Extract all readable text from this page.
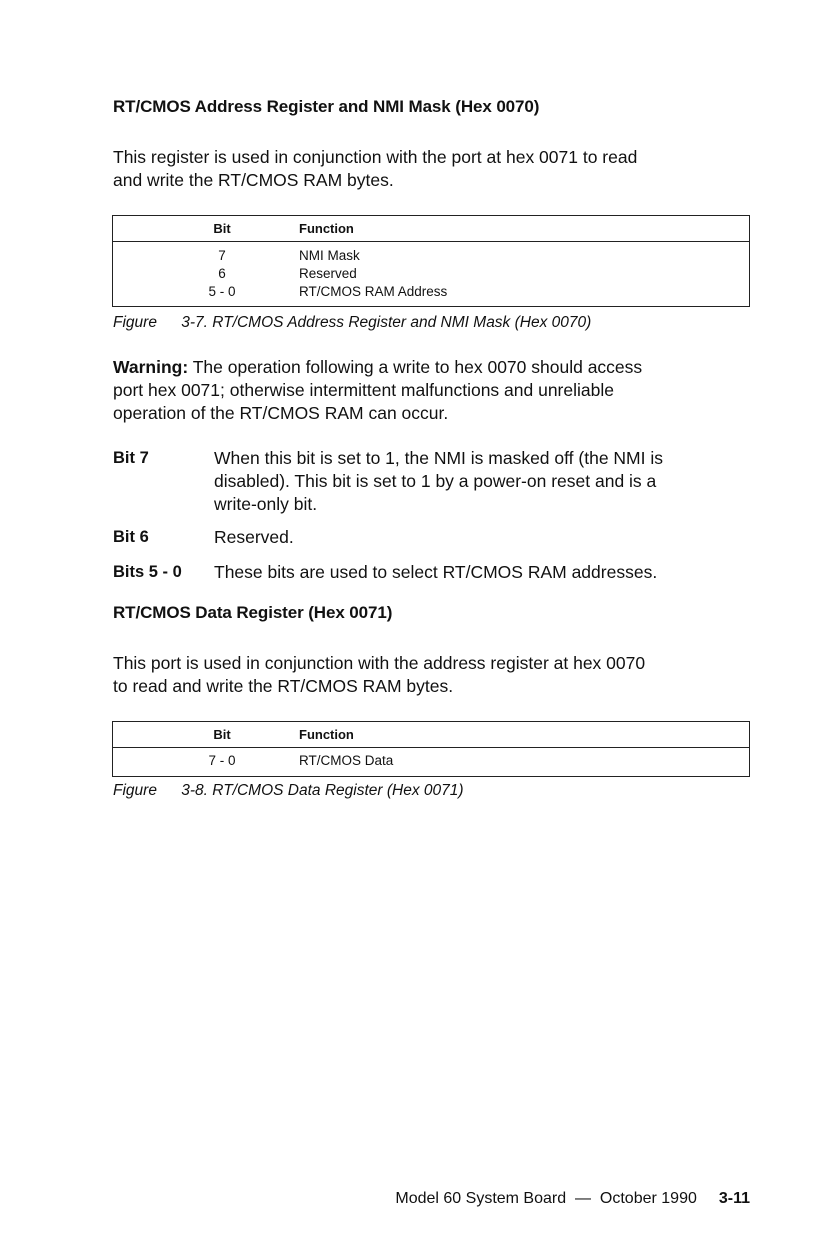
RT/CMOS Address Register and NMI Mask (Hex 0070)
This register is used in conjunction with the port at hex 0071 to read
and write the RT/CMOS RAM bytes.
Bit	Function
7	NMI Mask
6	Reserved
5 - 0	RT/CMOS RAM Address
Figure 3-7. RT/CMOS Address Register and NMI Mask (Hex 0070)
Warning: The operation following a write to hex 0070 should access
port hex 0071; otherwise intermittent malfunctions and unreliable
operation of the RT/CMOS RAM can occur.
Bit 7	When this bit is set to 1, the NMI is masked off (the NMI is
disabled). This bit is set to 1 by a power-on reset and is a
write-only bit.
Bit 6	Reserved.
Bits 5 - 0 These bits are used to select RT/CMOS RAM addresses.
RT/CMOS Data Register (Hex 0071)
This port is used in conjunction with the address register at hex 0070
to read and write the RT/CMOS RAM bytes.
Bit	Function
7 - 0	RT/CMOS Data
Figure 3-8. RT/CMOS Data Register (Hex 0071)
Model 60 System Board  —  October 1990 3-11
